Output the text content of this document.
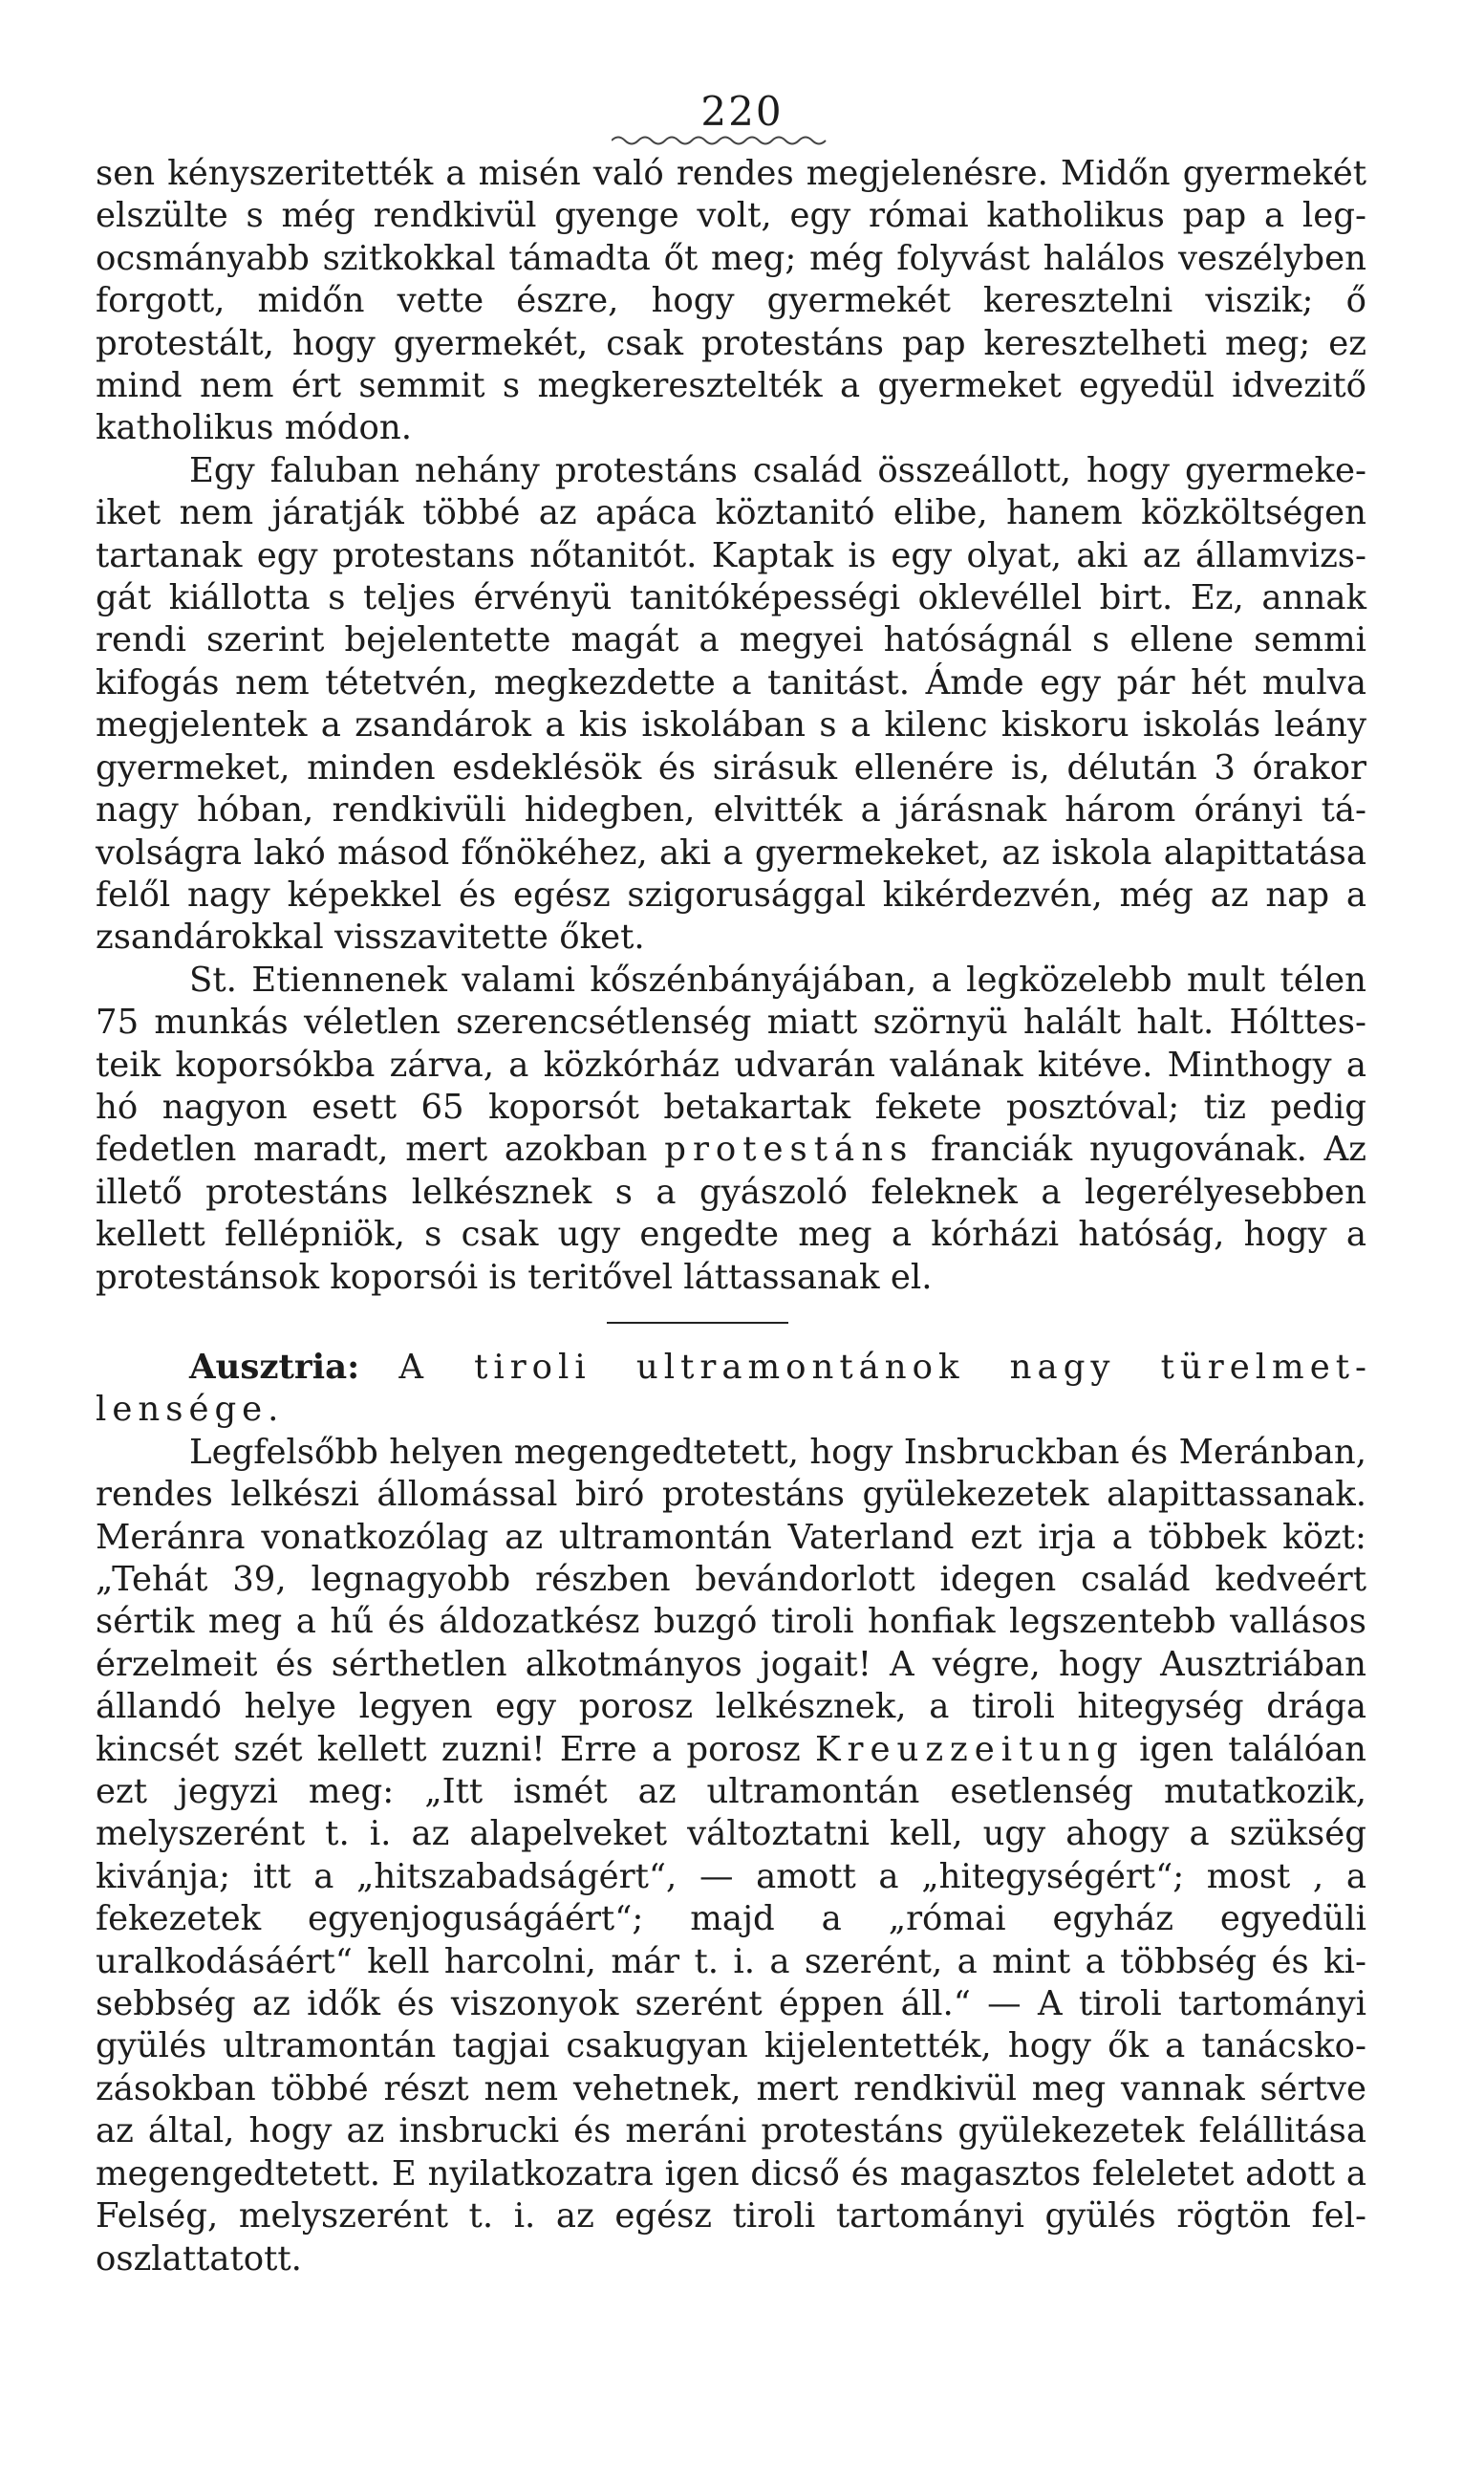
220

sen kényszeritették a misén való rendes megjelenésre. Midőn gyermekét elszülte s még rendkivül gyenge volt, egy római katholikus pap a legocsmányabb szitkokkal támadta őt meg; még folyvást halálos veszélyben forgott, midőn vette észre, hogy gyermekét keresztelni viszik; ő protestált, hogy gyermekét, csak protestáns pap keresztelheti meg; ez mind nem ért semmit s megkeresztelték a gyermeket egyedül idvezitő katholikus módon.

Egy faluban nehány protestáns család összeállott, hogy gyermekeiket nem járatják többé az apáca köztanitó elibe, hanem közköltségen tartanak egy protestans nőtanitót. Kaptak is egy olyat, aki az államvizsgát kiállotta s teljes érvényü tanitóképességi oklevéllel birt. Ez, annak rendi szerint bejelentette magát a megyei hatóságnál s ellene semmi kifogás nem tétetvén, megkezdette a tanitást. Ámde egy pár hét mulva megjelentek a zsandárok a kis iskolában s a kilenc kiskoru iskolás leány gyermeket, minden esdeklésök és sirásuk ellenére is, délután 3 órakor nagy hóban, rendkivüli hidegben, elvitték a járásnak három órányi távolságra lakó másod főnökéhez, aki a gyermekeket, az iskola alapittatása felől nagy képekkel és egész szigorusággal kikérdezvén, még az nap a zsandárokkal visszavitette őket.

St. Etiennenek valami kőszénbányájában, a legközelebb mult télen 75 munkás véletlen szerencsétlenség miatt szörnyü halált halt. Hólttesteik koporsókba zárva, a közkórház udvarán valának kitéve. Minthogy a hó nagyon esett 65 koporsót betakartak fekete posztóval; tiz pedig fedetlen maradt, mert azokban protestáns franciák nyugovának. Az illető protestáns lelkésznek s a gyászoló feleknek a legerélyesebben kellett fellépniök, s csak ugy engedte meg a kórházi hatóság, hogy a protestánsok koporsói is teritővel láttassanak el.

Ausztria: A tiroli ultramontánok nagy türelmetlensége.

Legfelsőbb helyen megengedtetett, hogy Insbruckban és Meránban, rendes lelkészi állomással biró protestáns gyülekezetek alapittassanak. Meránra vonatkozólag az ultramontán Vaterland ezt irja a többek közt: „Tehát 39, legnagyobb részben bevándorlott idegen család kedveért sértik meg a hű és áldozatkész buzgó tiroli honfiak legszentebb vallásos érzelmeit és sérthetlen alkotmányos jogait! A végre, hogy Ausztriában állandó helye legyen egy porosz lelkésznek, a tiroli hitegység drága kincsét szét kellett zuzni! Erre a porosz Kreuzzeitung igen találóan ezt jegyzi meg: „Itt ismét az ultramontán esetlenség mutatkozik, melyszerént t. i. az alapelveket változtatni kell, ugy ahogy a szükség kivánja; itt a „hitszabadságért“, — amott a „hitegységért“; most , a fekezetek egyenjoguságáért“; majd a „római egyház egyedüli uralkodásáért“ kell harcolni, már t. i. a szerént, a mint a többség és kisebbség az idők és viszonyok szerént éppen áll.“ — A tiroli tartományi gyülés ultramontán tagjai csakugyan kijelentették, hogy ők a tanácskozásokban többé részt nem vehetnek, mert rendkivül meg vannak sértve az által, hogy az insbrucki és meráni protestáns gyülekezetek felállitása megengedtetett. E nyilatkozatra igen dicső és magasztos feleletet adott a Felség, melyszerént t. i. az egész tiroli tartományi gyülés rögtön feloszlattatott.
